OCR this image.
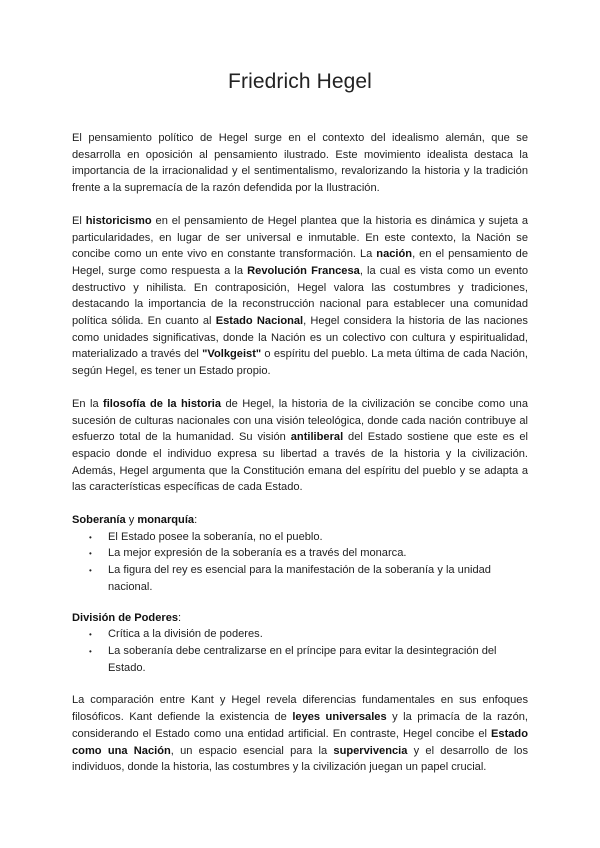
Friedrich Hegel

El pensamiento político de Hegel surge en el contexto del idealismo alemán, que se desarrolla en oposición al pensamiento ilustrado. Este movimiento idealista destaca la importancia de la irracionalidad y el sentimentalismo, revalorizando la historia y la tradición frente a la supremacía de la razón defendida por la Ilustración.

El historicismo en el pensamiento de Hegel plantea que la historia es dinámica y sujeta a particularidades, en lugar de ser universal e inmutable. En este contexto, la Nación se concibe como un ente vivo en constante transformación. La nación, en el pensamiento de Hegel, surge como respuesta a la Revolución Francesa, la cual es vista como un evento destructivo y nihilista. En contraposición, Hegel valora las costumbres y tradiciones, destacando la importancia de la reconstrucción nacional para establecer una comunidad política sólida. En cuanto al Estado Nacional, Hegel considera la historia de las naciones como unidades significativas, donde la Nación es un colectivo con cultura y espiritualidad, materializado a través del "Volkgeist" o espíritu del pueblo. La meta última de cada Nación, según Hegel, es tener un Estado propio.

En la filosofía de la historia de Hegel, la historia de la civilización se concibe como una sucesión de culturas nacionales con una visión teleológica, donde cada nación contribuye al esfuerzo total de la humanidad. Su visión antiliberal del Estado sostiene que este es el espacio donde el individuo expresa su libertad a través de la historia y la civilización. Además, Hegel argumenta que la Constitución emana del espíritu del pueblo y se adapta a las características específicas de cada Estado.

Soberanía y monarquía:

• El Estado posee la soberanía, no el pueblo.
• La mejor expresión de la soberanía es a través del monarca.
• La figura del rey es esencial para la manifestación de la soberanía y la unidad nacional.

División de Poderes:

• Crítica a la división de poderes.
• La soberanía debe centralizarse en el príncipe para evitar la desintegración del Estado.

La comparación entre Kant y Hegel revela diferencias fundamentales en sus enfoques filosóficos. Kant defiende la existencia de leyes universales y la primacía de la razón, considerando el Estado como una entidad artificial. En contraste, Hegel concibe el Estado como una Nación, un espacio esencial para la supervivencia y el desarrollo de los individuos, donde la historia, las costumbres y la civilización juegan un papel crucial.
